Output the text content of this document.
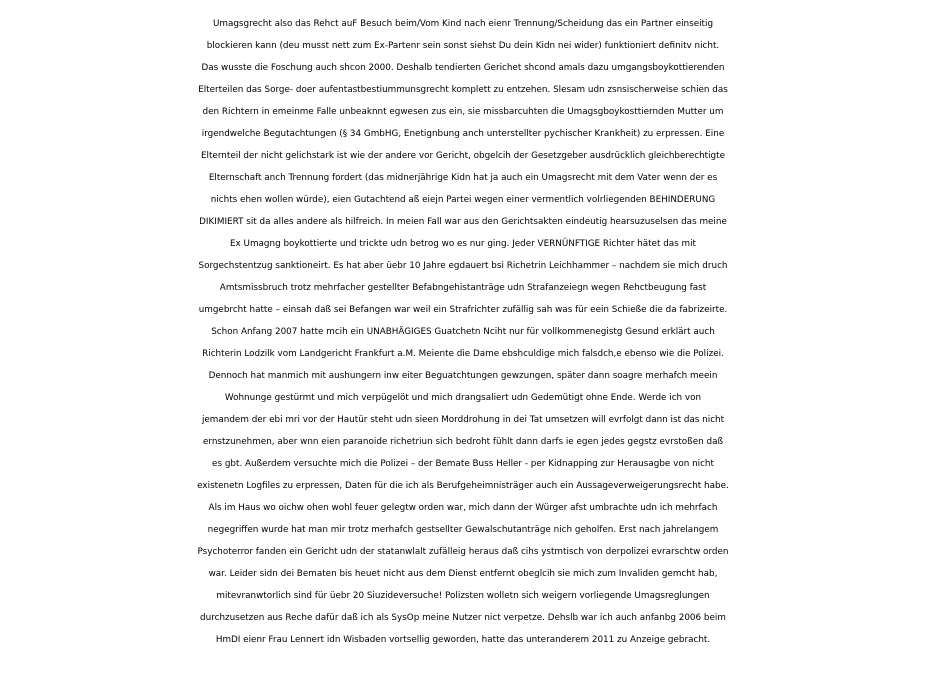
Umagsgrecht also das Rehct auF Besuch beim/Vom Kind nach eienr Trennung/Scheidung das ein Partner einseitig
blockieren kann (deu musst nett zum Ex-Partenr sein sonst siehst Du dein Kidn nei wider) funktioniert definitv nicht.
Das wusste die Foschung auch shcon 2000. Deshalb tendierten Gerichet shcond amals dazu umgangsboykottierenden
Elterteilen das Sorge- doer aufentastbestiummunsgrecht komplett zu entzehen. Slesam udn zsnsischerweise schien das
den Richtern in emeinme Falle unbeaknnt egwesen zus ein, sie missbarcuhten die Umagsgboykosttiernden Mutter um
irgendwelche Begutachtungen (§ 34 GmbHG, Enetignbung anch unterstellter pychischer Krankheit) zu erpressen. Eine
Elternteil der nicht gelichstark ist wie der andere vor Gericht, obgelcih der Gesetzgeber ausdrücklich gleichberechtigte
Elternschaft anch Trennung fordert (das midnerjährige Kidn hat ja auch ein Umagsrecht mit dem Vater wenn der es
nichts ehen wollen würde), eien Gutachtend aß eiejn Partei wegen einer vermentlich volrliegenden BEHINDERUNG
DIKIMIERT sit da alles andere als hilfreich. In meien Fall war aus den Gerichtsakten eindeutig hearsuzuselsen das meine
Ex Umagng boykottierte und trickte udn betrog wo es nur ging. Jeder VERNÜNFTIGE Richter hätet das mit
Sorgechstentzug sanktioneirt. Es hat aber üebr 10 Jahre egdauert bsi Richetrin Leichhammer – nachdem sie mich druch
Amtsmissbruch trotz mehrfacher gestellter Befabngehistanträge udn Strafanzeiegn wegen Rehctbeugung fast
umgebrcht hatte – einsah daß sei Befangen war weil ein Strafrichter zufällig sah was für eein Schieße die da fabrizeirte.
Schon Anfang 2007 hatte mcih ein UNABHÄGIGES Guatchetn Nciht nur für vollkommenegistg Gesund erklärt auch
Richterin Lodzilk vom Landgericht Frankfurt a.M. Meiente die Dame ebshculdige mich falsdch,e ebenso wie die Polizei.
Dennoch hat manmich mit aushungern inw eiter Beguatchtungen gewzungen, später dann soagre merhafch meein
Wohnunge gestürmt und mich verpügelöt und mich drangsaliert udn Gedemütigt ohne Ende. Werde ich von
jemandem der ebi mri vor der Hautür steht udn sieen Morddrohung in dei Tat umsetzen will evrfolgt dann ist das nicht
ernstzunehmen, aber wnn eien paranoide richetriun sich bedroht fühlt dann darfs ie egen jedes gegstz evrstoßen daß
es gbt. Außerdem versuchte mich die Polizei – der Bemate Buss Heller - per Kidnapping zur Herausagbe von nicht
existenetn Logfiles zu erpressen, Daten für die ich als Berufgeheimnisträger auch ein Aussageverweigerungsrecht habe.
Als im Haus wo oichw ohen wohl feuer gelegtw orden war, mich dann der Würger afst umbrachte udn ich mehrfach
negegriffen wurde hat man mir trotz merhafch gestsellter Gewalschutanträge nich geholfen. Erst nach jahrelangem
Psychoterror fanden ein Gericht udn der statanwlalt zufälleig heraus daß cihs ystmtisch von derpolizei evrarschtw orden
war. Leider sidn dei Bematen bis heuet nicht aus dem Dienst entfernt obeglcih sie mich zum Invaliden gemcht hab,
mitevranwtorlich sind für üebr 20 Siuzideversuche! Polizsten wolletn sich weigern vorliegende Umagsreglungen
durchzusetzen aus Reche dafür daß ich als SysOp meine Nutzer nict verpetze. Dehslb war ich auch anfanbg 2006 beim
HmDI eienr Frau Lennert idn Wisbaden vortsellig geworden, hatte das unteranderem 2011 zu Anzeige gebracht.
